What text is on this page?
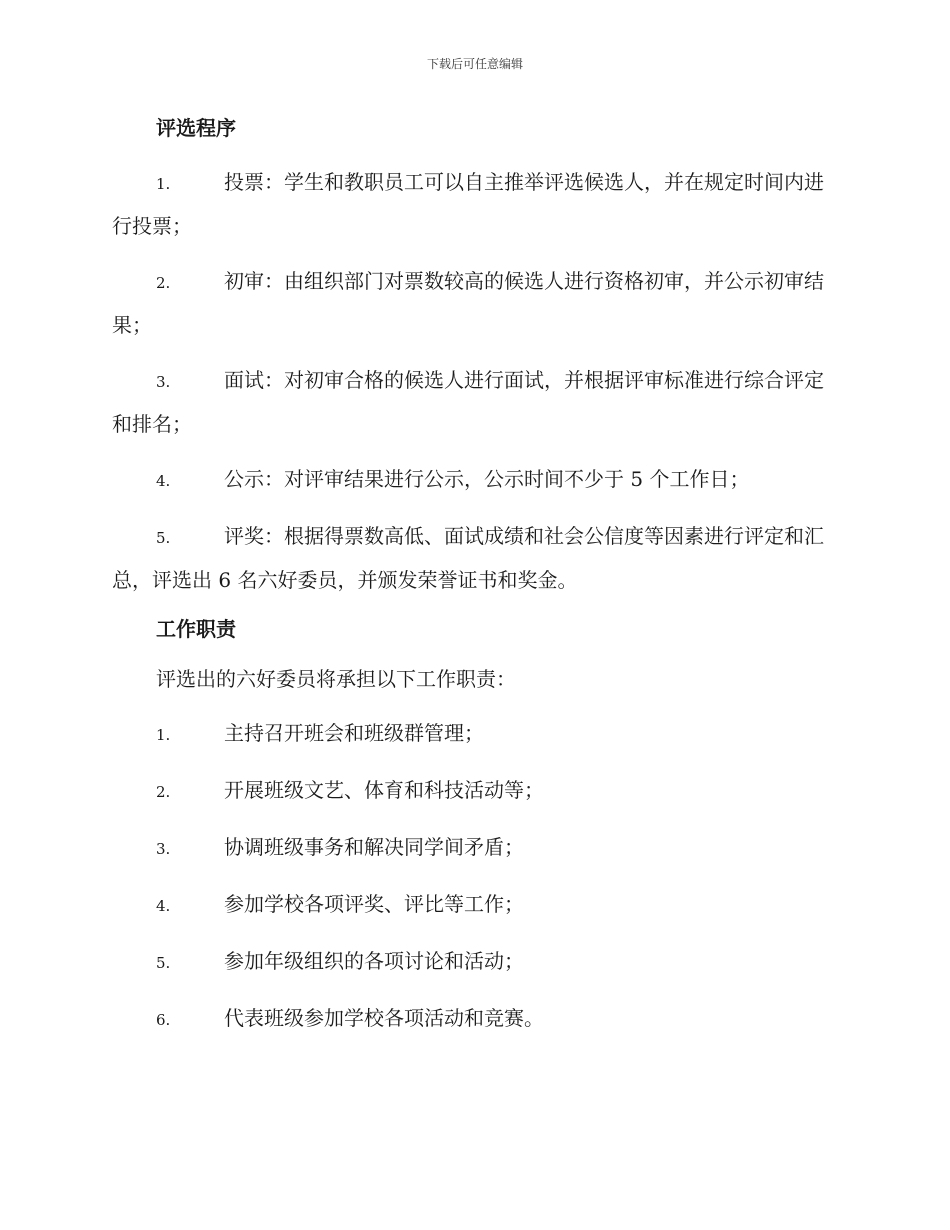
下载后可任意编辑
评选程序
1.	投票：学生和教职员工可以自主推举评选候选人，并在规定时间内进行投票；
2.	初审：由组织部门对票数较高的候选人进行资格初审，并公示初审结果；
3.	面试：对初审合格的候选人进行面试，并根据评审标准进行综合评定和排名；
4.	公示：对评审结果进行公示，公示时间不少于 5 个工作日；
5.	评奖：根据得票数高低、面试成绩和社会公信度等因素进行评定和汇总，评选出 6 名六好委员，并颁发荣誉证书和奖金。
工作职责

评选出的六好委员将承担以下工作职责：

1.	主持召开班会和班级群管理；
2.	开展班级文艺、体育和科技活动等；
3.	协调班级事务和解决同学间矛盾；
4.	参加学校各项评奖、评比等工作；
5.	参加年级组织的各项讨论和活动；
6.	代表班级参加学校各项活动和竞赛。
